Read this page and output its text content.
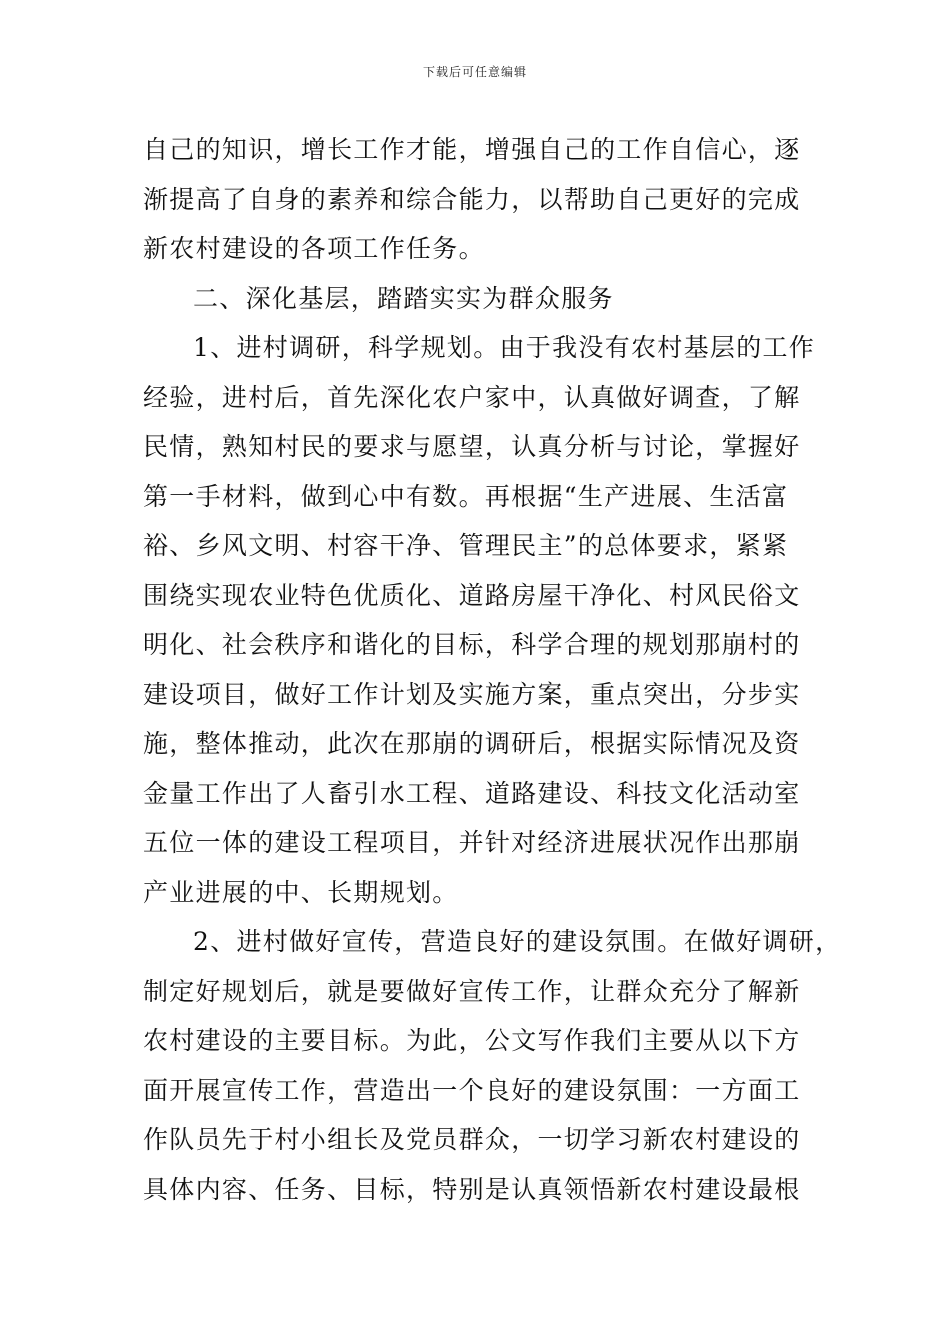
下载后可任意编辑
自己的知识，增长工作才能，增强自己的工作自信心，逐
渐提高了自身的素养和综合能力，以帮助自己更好的完成
新农村建设的各项工作任务。
二、深化基层，踏踏实实为群众服务
1、进村调研，科学规划。由于我没有农村基层的工作
经验，进村后，首先深化农户家中，认真做好调查，了解
民情，熟知村民的要求与愿望，认真分析与讨论，掌握好
第一手材料，做到心中有数。再根据“生产进展、生活富
裕、乡风文明、村容干净、管理民主”的总体要求，紧紧
围绕实现农业特色优质化、道路房屋干净化、村风民俗文
明化、社会秩序和谐化的目标，科学合理的规划那崩村的
建设项目，做好工作计划及实施方案，重点突出，分步实
施，整体推动，此次在那崩的调研后，根据实际情况及资
金量工作出了人畜引水工程、道路建设、科技文化活动室
五位一体的建设工程项目，并针对经济进展状况作出那崩
产业进展的中、长期规划。
2、进村做好宣传，营造良好的建设氛围。在做好调研，
制定好规划后，就是要做好宣传工作，让群众充分了解新
农村建设的主要目标。为此，公文写作我们主要从以下方
面开展宣传工作，营造出一个良好的建设氛围：一方面工
作队员先于村小组长及党员群众，一切学习新农村建设的
具体内容、任务、目标，特别是认真领悟新农村建设最根
